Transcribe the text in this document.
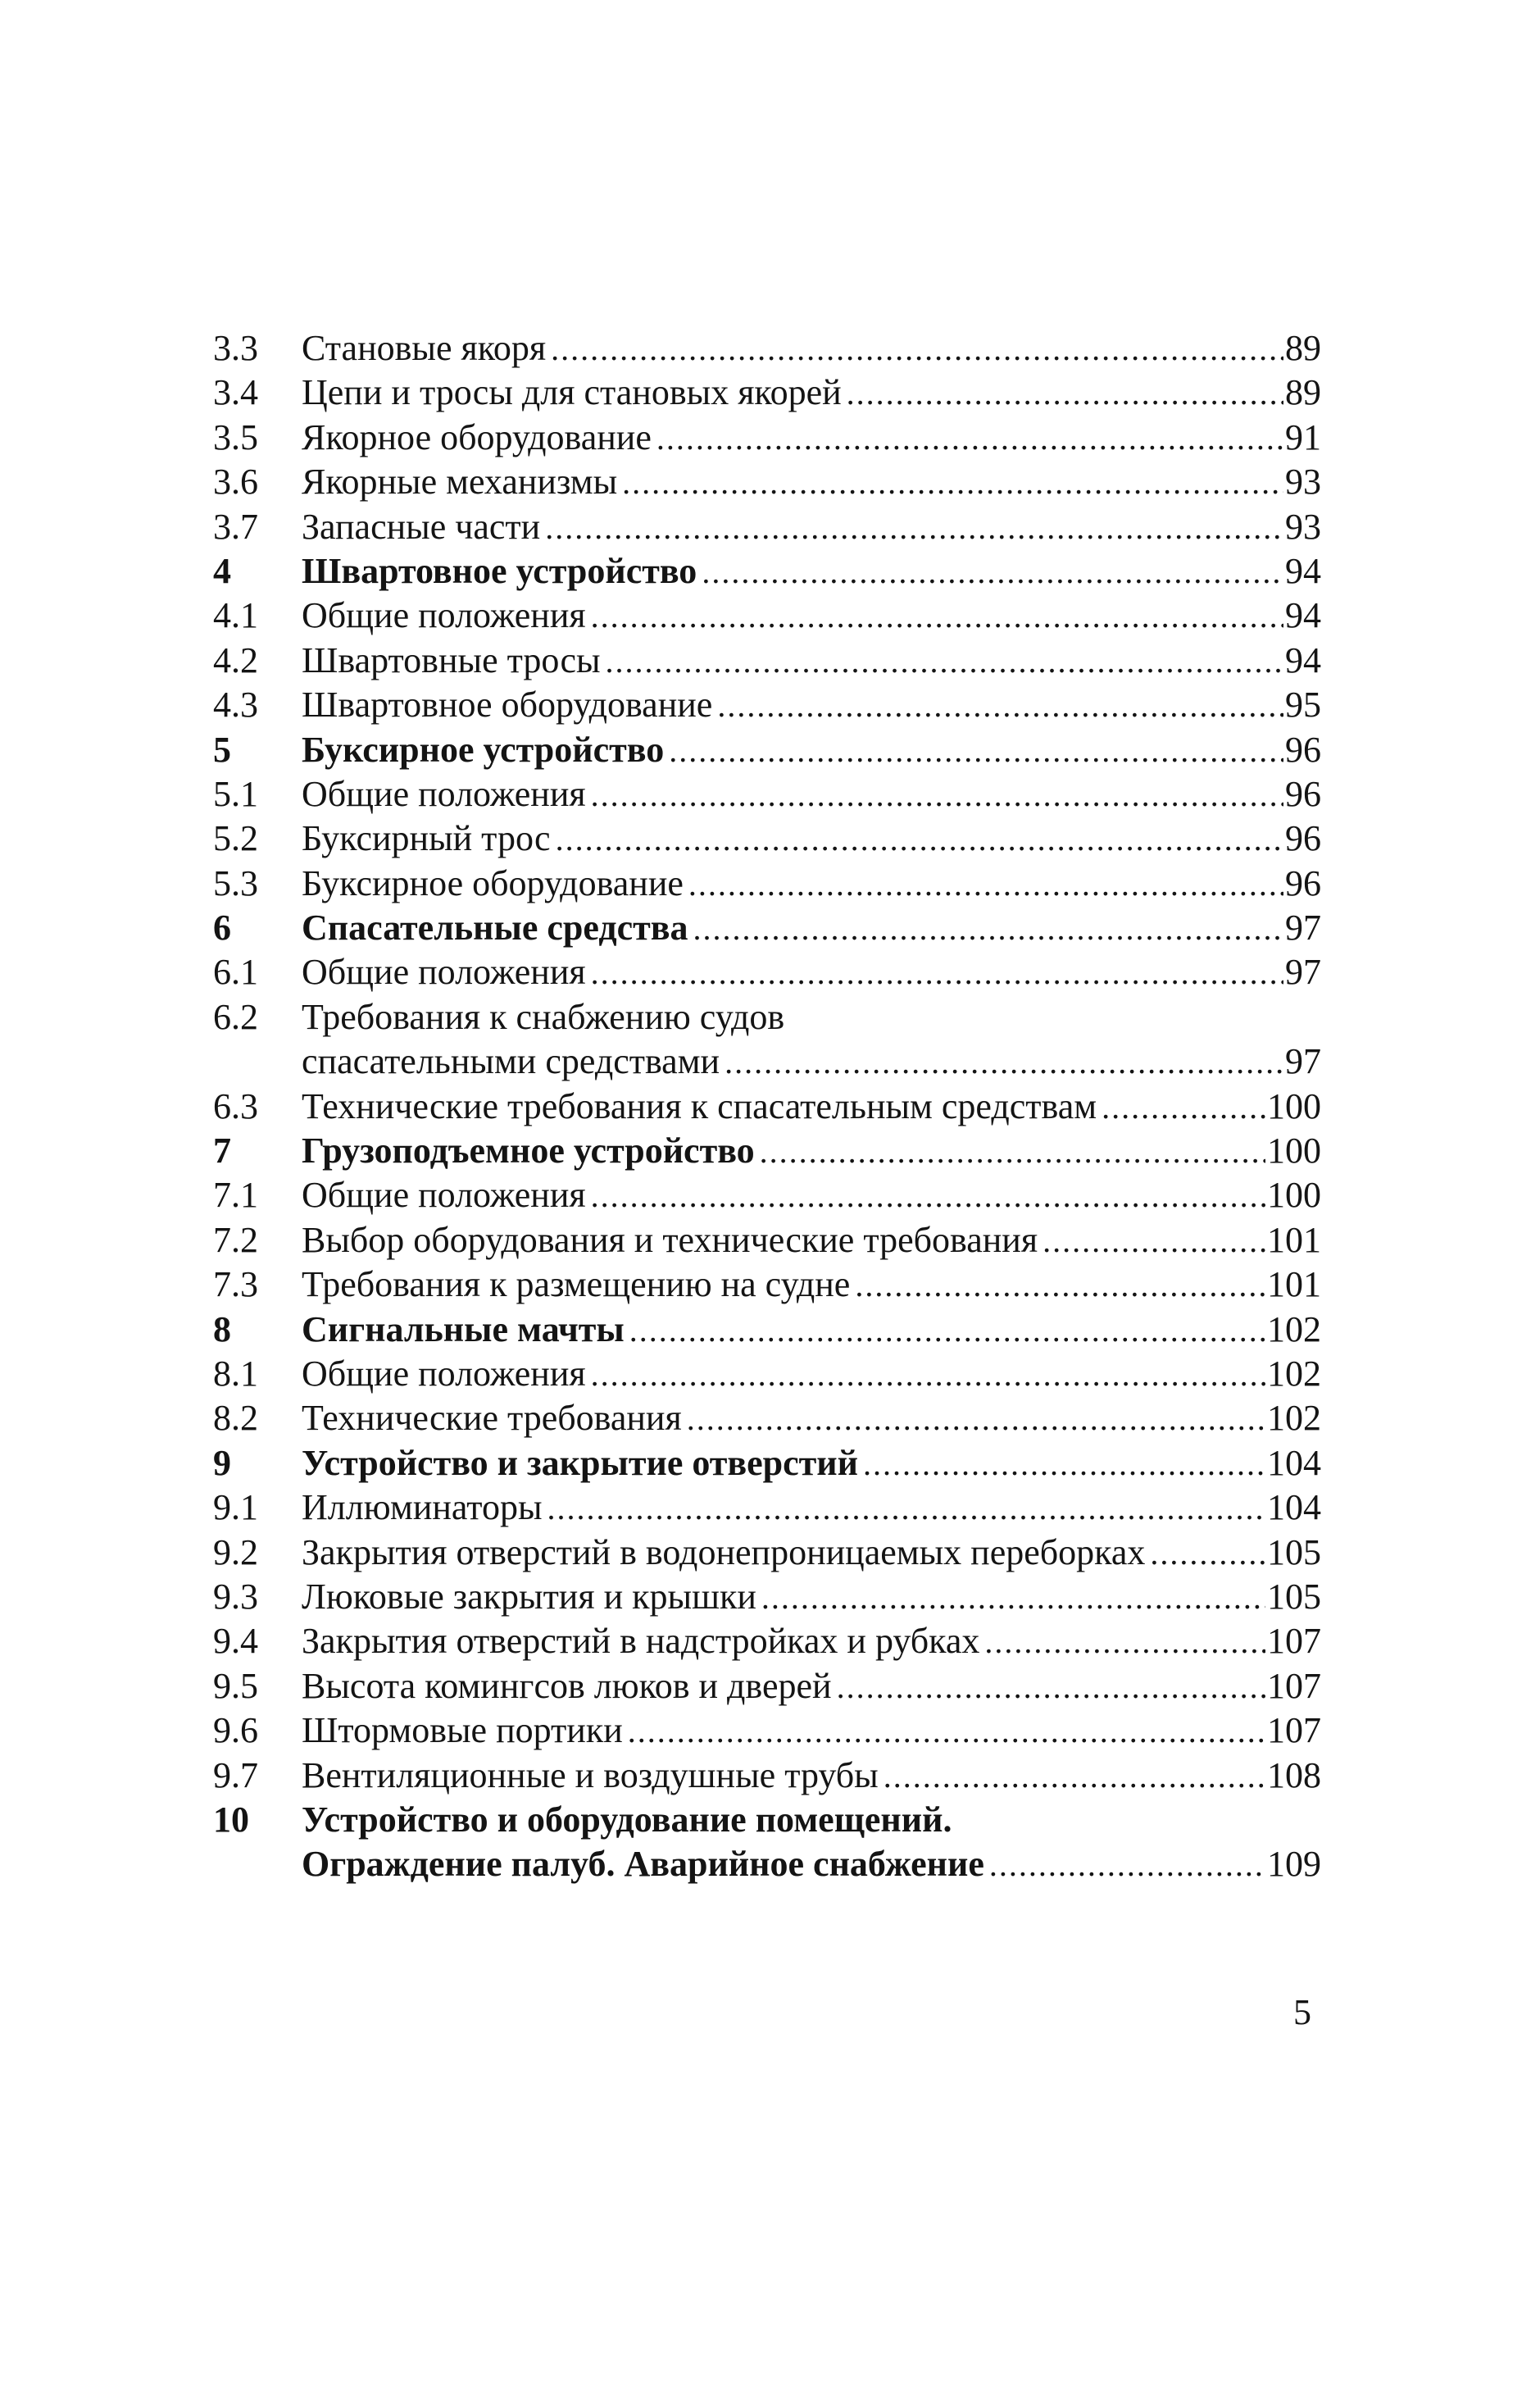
3.3 Становые якоря .....	89
3.4 Цепи и тросы для становых якорей .....	89
3.5 Якорное оборудование .....	91
3.6 Якорные механизмы .....	93
3.7 Запасные части .....	93
4 Швартовное устройство .....	94
4.1 Общие положения .....	94
4.2 Швартовные тросы .....	94
4.3 Швартовное оборудование .....	95
5 Буксирное устройство .....	96
5.1 Общие положения .....	96
5.2 Буксирный трос .....	96
5.3 Буксирное оборудование .....	96
6 Спасательные средства .....	97
6.1 Общие положения .....	97
6.2 Требования к снабжению судов
спасательными средствами .....	97
6.3 Технические требования к спасательным средствам .....	100
7 Грузоподъемное устройство .....	100
7.1 Общие положения .....	100
7.2 Выбор оборудования и технические требования .....	101
7.3 Требования к размещению на судне .....	101
8 Сигнальные мачты .....	102
8.1 Общие положения .....	102
8.2 Технические требования .....	102
9 Устройство и закрытие отверстий .....	104
9.1 Иллюминаторы .....	104
9.2 Закрытия отверстий в водонепроницаемых переборках .....	105
9.3 Люковые закрытия и крышки .....	105
9.4 Закрытия отверстий в надстройках и рубках .....	107
9.5 Высота комингсов люков и дверей .....	107
9.6 Штормовые портики .....	107
9.7 Вентиляционные и воздушные трубы .....	108
10 Устройство и оборудование помещений.
Ограждение палуб. Аварийное снабжение .....	109
5
